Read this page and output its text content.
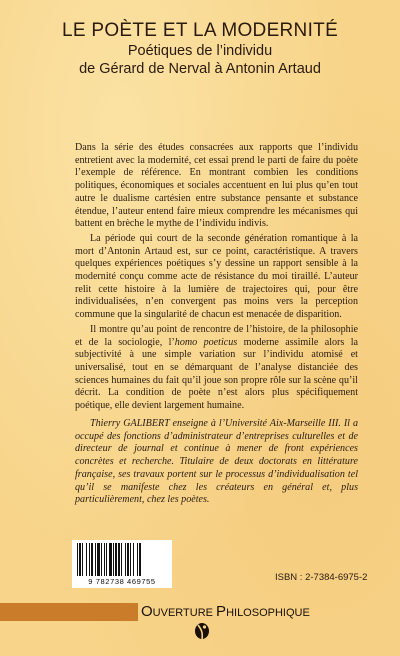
LE POÈTE ET LA MODERNITÉ
Poétiques de l’individu
de Gérard de Nerval à Antonin Artaud

Dans la série des études consacrées aux rapports que l’individu entretient avec la modernité, cet essai prend le parti de faire du poète l’exemple de référence. En montrant combien les conditions politiques, économiques et sociales accentuent en lui plus qu’en tout autre le dualisme cartésien entre substance pensante et substance étendue, l’auteur entend faire mieux comprendre les mécanismes qui battent en brèche le mythe de l’individu indivis.

La période qui court de la seconde génération romantique à la mort d’Antonin Artaud est, sur ce point, caractéristique. A travers quelques expériences poétiques s’y dessine un rapport sensible à la modernité conçu comme acte de résistance du moi tiraillé. L’auteur relit cette histoire à la lumière de trajectoires qui, pour être individualisées, n’en convergent pas moins vers la perception commune que la singularité de chacun est menacée de disparition.

Il montre qu’au point de rencontre de l’histoire, de la philosophie et de la sociologie, l’homo poeticus moderne assimile alors la subjectivité à une simple variation sur l’individu atomisé et universalisé, tout en se démarquant de l’analyse distanciée des sciences humaines du fait qu’il joue son propre rôle sur la scène qu’il décrit. La condition de poète n’est alors plus spécifiquement poétique, elle devient largement humaine.

Thierry GALIBERT enseigne à l’Université Aix-Marseille III. Il a occupé des fonctions d’administrateur d’entreprises culturelles et de directeur de journal et continue à mener de front expériences concrètes et recherche. Titulaire de deux doctorats en littérature française, ses travaux portent sur le processus d’individualisation tel qu’il se manifeste chez les créateurs en général et, plus particulièrement, chez les poètes.
9 782738 469755	ISBN : 2-7384-6975-2
OUVERTURE PHILOSOPHIQUE
